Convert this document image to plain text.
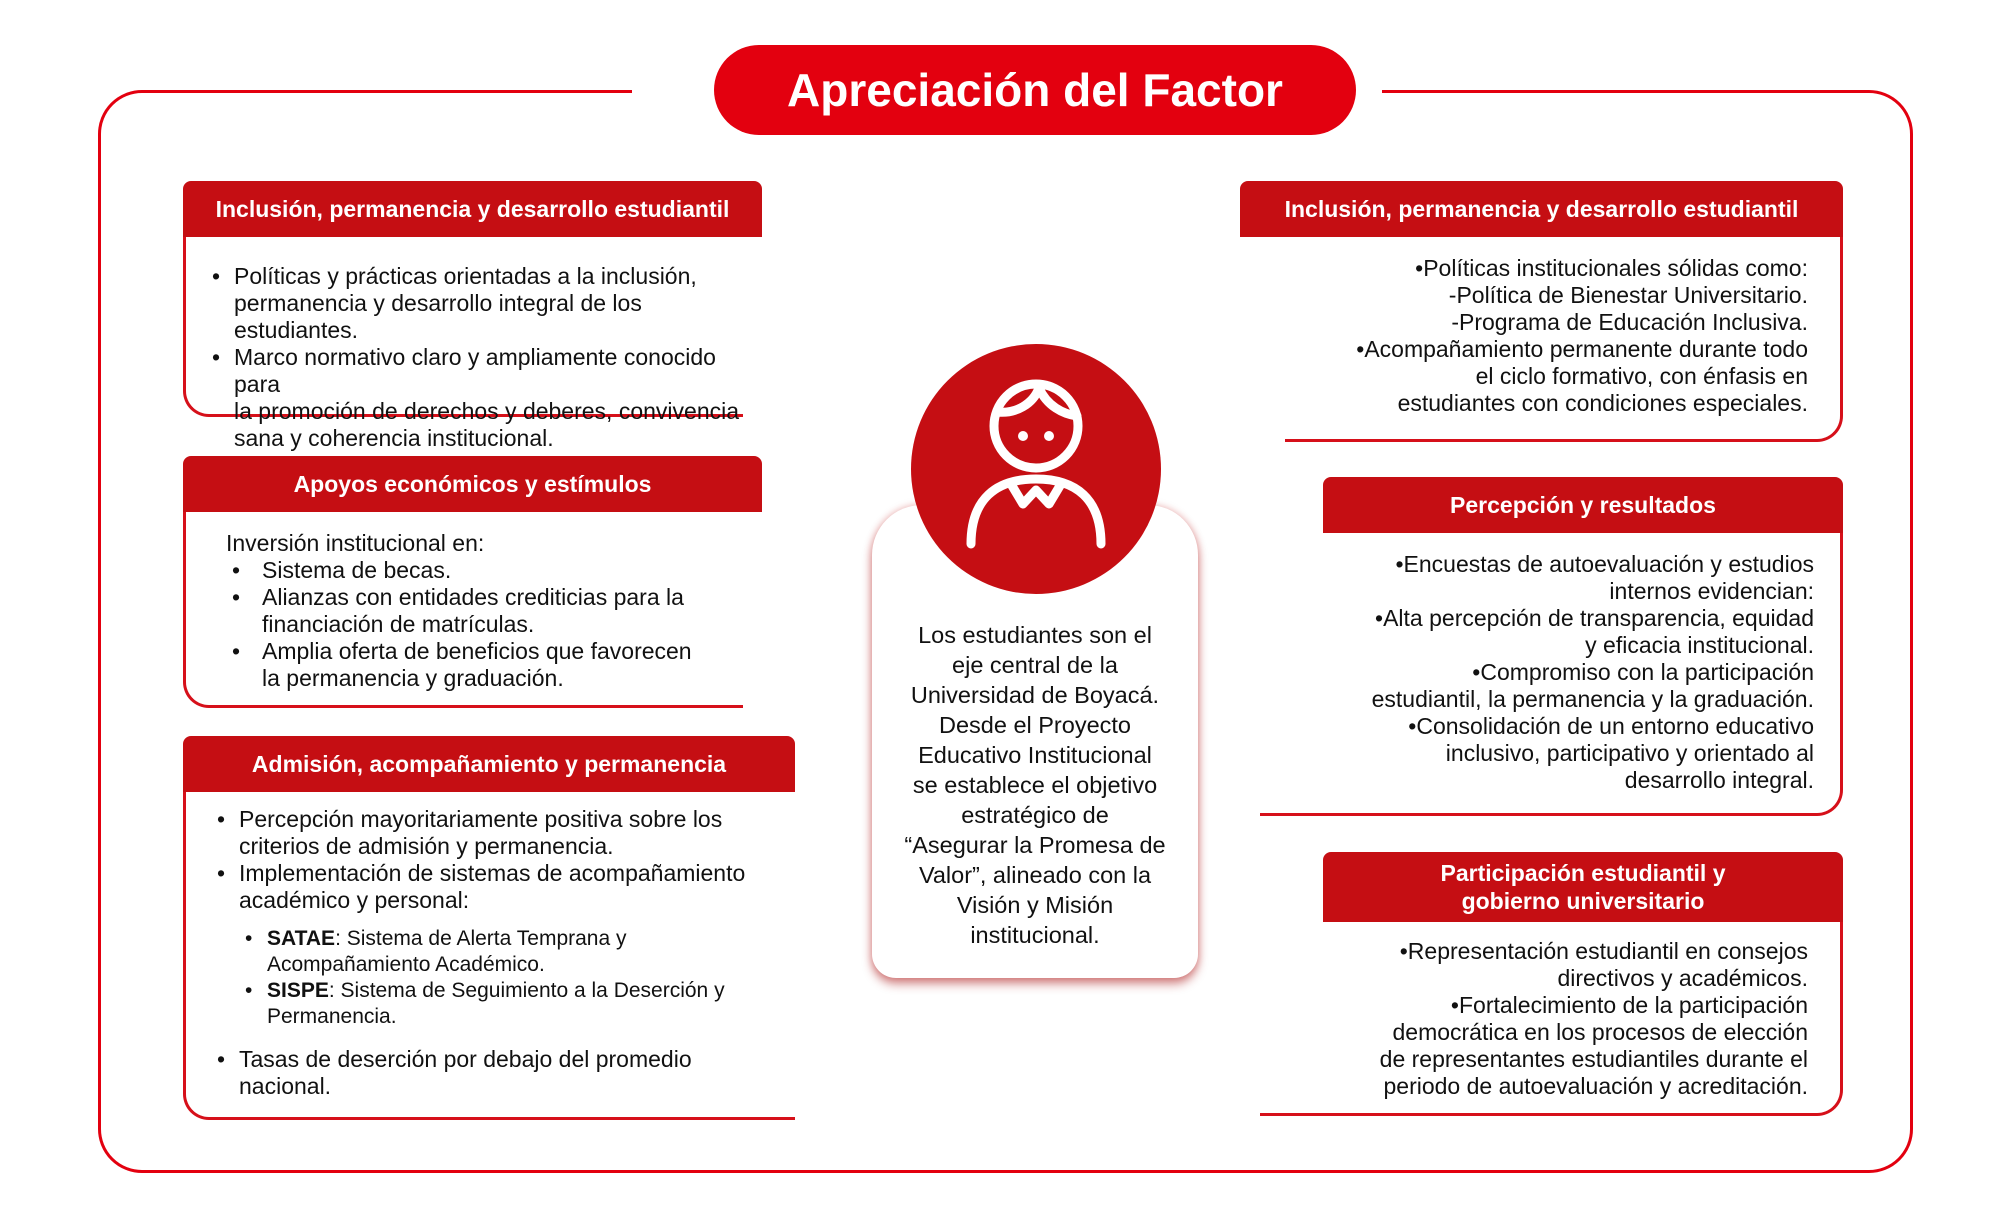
Apreciación del Factor
Inclusión, permanencia y desarrollo estudiantil
• Políticas y prácticas orientadas a la inclusión,
permanencia y desarrollo integral de los estudiantes.
• Marco normativo claro y ampliamente conocido para
la promoción de derechos y deberes, convivencia
sana y coherencia institucional.
Apoyos económicos y estímulos
Inversión institucional en:
• Sistema de becas.
• Alianzas con entidades crediticias para la
financiación de matrículas.
• Amplia oferta de beneficios que favorecen
la permanencia y graduación.
Admisión, acompañamiento y permanencia
• Percepción mayoritariamente positiva sobre los
criterios de admisión y permanencia.
• Implementación de sistemas de acompañamiento
académico y personal:
• SATAE: Sistema de Alerta Temprana y
Acompañamiento Académico.
• SISPE: Sistema de Seguimiento a la Deserción y
Permanencia.
• Tasas de deserción por debajo del promedio
nacional.
Los estudiantes son el
eje central de la
Universidad de Boyacá.
Desde el Proyecto
Educativo Institucional
se establece el objetivo
estratégico de
“Asegurar la Promesa de
Valor”, alineado con la
Visión y Misión
institucional.
Inclusión, permanencia y desarrollo estudiantil
•Políticas institucionales sólidas como:
-Política de Bienestar Universitario.
-Programa de Educación Inclusiva.
•Acompañamiento permanente durante todo
el ciclo formativo, con énfasis en
estudiantes con condiciones especiales.
Percepción y resultados
•Encuestas de autoevaluación y estudios
internos evidencian:
•Alta percepción de transparencia, equidad
y eficacia institucional.
•Compromiso con la participación
estudiantil, la permanencia y la graduación.
•Consolidación de un entorno educativo
inclusivo, participativo y orientado al
desarrollo integral.
Participación estudiantil y
gobierno universitario
•Representación estudiantil en consejos
directivos y académicos.
•Fortalecimiento de la participación
democrática en los procesos de elección
de representantes estudiantiles durante el
periodo de autoevaluación y acreditación.
